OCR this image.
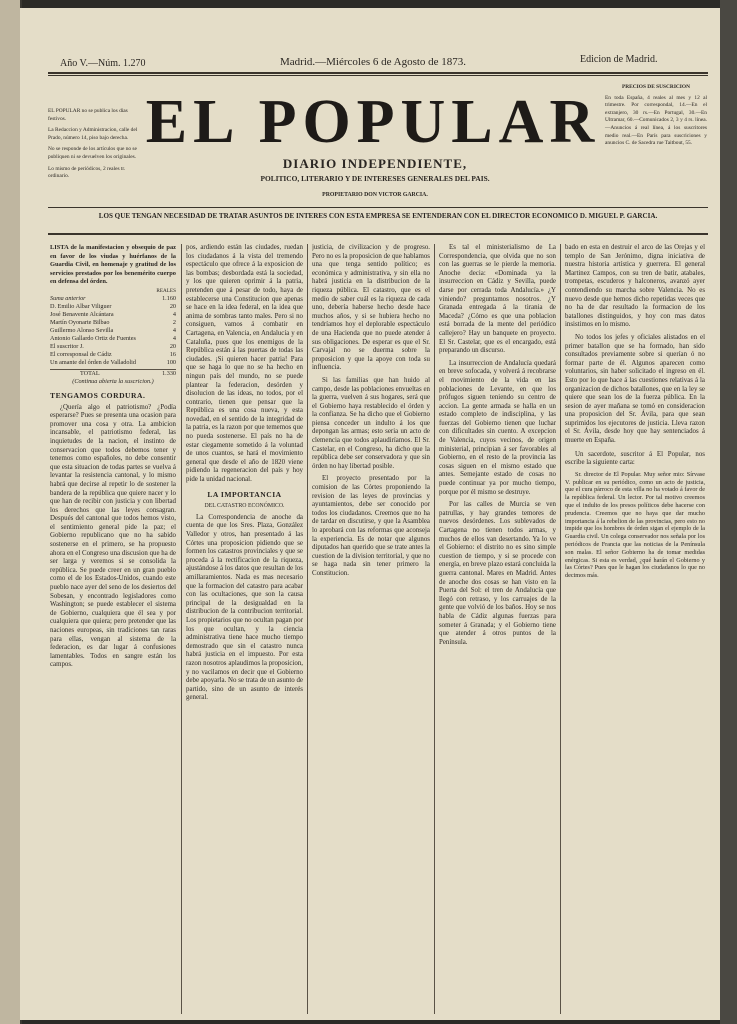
Año V.—Núm. 1.270	Madrid.—Miércoles 6 de Agosto de 1873.	Edicion de Madrid.
EL POPULAR no se publica los dias festivos.
La Redaccion y Administracion, calle del Prado, número 14, piso bajo derecha.
No se responde de los artículos que no se publiquen ni se devuelven los originales.
Lo mismo de periódicos, 2 reales tr. ordinario.
EL POPULAR
DIARIO INDEPENDIENTE,
POLITICO, LITERARIO Y DE INTERESES GENERALES DEL PAIS.
PROPIETARIO DON VICTOR GARCIA.
PRECIOS DE SUSCRICION
En toda España, 4 reales al mes y 12 al trimestre. Por correspondal, 14.—En el extranjero, 30 rs.—En Portugal, 30.—En Ultramar, 60.—Comunicados 2, 3 y 4 rs. línea.—Anuncios á real línea, á los suscritores medio real.—En París para suscriciones y anuncios C. de Sacedra rue Taitbout, 55.
LOS QUE TENGAN NECESIDAD DE TRATAR ASUNTOS DE INTERES CON ESTA EMPRESA SE ENTENDERAN CON EL DIRECTOR ECONOMICO D. MIGUEL P. GARCIA.

LISTA de la manifestacion y obsequio de paz en favor de los viudas y huérfanos de la Guardia Civil, en homenaje y gratitud de los servicios prestados por los benemérito cuerpo en defensa del órden.

REALES
Suma anterior	1.160
D. Emilio Albar Viliguer	20
José Benavente Alcántara	4
Martín Oyonarte Bilbao	2
Guillermo Alonso Sevilla	4
Antonio Gallardo Ortiz de Fuentes	4
El suscritor J.	20
El corresponsal de Cádiz	16
Un amante del órden de Valladolid	100
TOTAL	1.330
(Continua abierta la suscricion.)
TENGAMOS CORDURA.

¿Quería algo el patriotismo? ¿Podía esperarse? Pues se presenta una ocasion para promover una cosa y otra. La ambicion incansable, el patriotismo federal, las inquietudes de la nacion, el instinto de conservacion que todos debemos tener y tenemos como españoles, no debe consentir que esta situacion de todas partes se vuelva á levantar la resistencia cantonal, y lo mismo habrá que decirse al repetir lo de sostener la bandera de la república que quiere nacer y lo que han de recibir con justicia y con libertad los derechos que las leyes consagran. Después del cantonal que todos hemos visto, el sentimiento general pide la paz; el Gobierno republicano que no ha sabido sostenerse en el primero, se ha propuesto ahora en el Congreso una discusion que ha de ser larga y veremos si se consolida la república. Se puede creer en un gran pueblo como el de los Estados-Unidos, cuando este pueblo nace ayer del seno de los desiertos del Sobesan, y encontrado legisladores como Washington; se puede establecer el sistema de Gobierno, cualquiera que él sea y por cualquiera que quiera; pero pretender que las naciones europeas, sin tradiciones tan raras para ellas, vengan al sistema de la federacion, es dar lugar á confusiones lamentables. Todos en sangre están los campos.

pos, ardiendo están las ciudades, ruedan los ciudadanos á la vista del tremendo espectáculo que ofrece á la exposicion de las bombas; desbordada está la sociedad, y los que quieren oprimir á la patria, pretenden que á pesar de todo, haya de establecerse una Constitucion que apenas se hace en la idea federal, en la idea que anima de sombras tanto males. Pero si no consiguen, vamos á combatir en Cartagena, en Valencia, en Andalucía y en Cataluña, pues que los enemigos de la República están á las puertas de todas las ciudades. ¡Si quieren hacer patria! Para que se haga lo que no se ha hecho en ningun país del mundo, no se puede plantear la federacion, desórden y disolucion de las ideas, no todos, por el contrario, tienen que pensar que la República es una cosa nueva, y esta novedad, en el sentido de la integridad de la patria, es la razon por que tememos que no pueda sostenerse. El país no ha de estar ciegamente sometido á la voluntad de unos cuantos, se hará el movimiento general que desde el año de 1820 viene pidiendo la regeneracion del país y hoy pide la unidad nacional.

LA IMPORTANCIA
DEL CATASTRO ECONÓMICO.

La Correspondencia de anoche da cuenta de que los Sres. Plaza, González Valledor y otros, han presentado á las Córtes una proposicion pidiendo que se formen los catastros provinciales y que se proceda á la rectificacion de la riqueza, ajustándose á los datos que resultan de los amillaramientos. Nada es mas necesario que la formacion del catastro para acabar con las ocultaciones, que son la causa principal de la desigualdad en la distribucion de la contribucion territorial. Los propietarios que no ocultan pagan por los que ocultan, y la ciencia administrativa tiene hace mucho tiempo demostrado que sin el catastro nunca habrá justicia en el impuesto. Por esta razon nosotros aplaudimos la proposicion, y no vacilamos en decir que el Gobierno debe apoyarla. No se trata de un asunto de partido, sino de un asunto de interés general.

justicia, de civilizacion y de progreso. Pero no es la proposicion de que hablamos una que tenga sentido político; es económica y administrativa, y sin ella no habrá justicia en la distribucion de la riqueza pública. El catastro, que es el medio de saber cuál es la riqueza de cada uno, debería haberse hecho desde hace muchos años, y si se hubiera hecho no tendríamos hoy el deplorable espectáculo de una Hacienda que no puede atender á sus obligaciones. De esperar es que el Sr. Carvajal no se duerma sobre la proposicion y que la apoye con toda su influencia.

Si las familias que han huido al campo, desde las poblaciones envueltas en la guerra, vuelven á sus hogares, será que el Gobierno haya restablecido el órden y la confianza. Se ha dicho que el Gobierno piensa conceder un indulto á los que depongan las armas; esto seria un acto de clemencia que todos aplaudiríamos. El Sr. Castelar, en el Congreso, ha dicho que la república debe ser conservadora y que sin órden no hay libertad posible.

El proyecto presentado por la comision de las Córtes proponiendo la revision de las leyes de provincias y ayuntamientos, debe ser conocido por todos los ciudadanos. Creemos que no ha de tardar en discutirse, y que la Asamblea lo aprobará con las reformas que aconseja la experiencia. Es de notar que algunos diputados han querido que se trate antes la cuestion de la division territorial, y que no se haga nada sin tener primero la Constitucion.

Es tal el ministerialismo de La Correspondencia, que olvida que no son con las guerras se le pierde la memoria. Anoche decia: «Dominada ya la insurreccion en Cádiz y Sevilla, puede darse por cerrada toda Andalucía.» ¿Y viniendo? preguntamos nosotros. ¿Y Granada entregada á la tirania de Maceda? ¿Cómo es que una poblacion está borrada de la mente del periódico callejero? Hay un banquete en proyecto. El Sr. Castelar, que es el encargado, está preparando un discurso.

La insurreccion de Andalucía quedará en breve sofocada, y volverá á recobrarse el movimiento de la vida en las poblaciones de Levante, en que los prófugos siguen teniendo su centro de accion. La gente armada se halla en un estado completo de indisciplina, y las fuerzas del Gobierno tienen que luchar con dificultades sin cuento. A excepcion de Valencia, cuyos vecinos, de origen ministerial, principian á ser favorables al Gobierno, en el resto de la provincia las cosas siguen en el mismo estado que antes. Semejante estado de cosas no puede continuar ya por mucho tiempo, porque por él mismo se destruye.

Por las calles de Murcia se ven patrullas, y hay grandes temores de nuevos desórdenes. Los sublevados de Cartagena no tienen todos armas, y muchos de ellos van desertando. Ya lo ve el Gobierno: el distrito no es sino simple cuestion de tiempo, y si se procede con energía, en breve plazo estará concluida la guerra cantonal. Mares en Madrid. Antes de anoche dos cosas se han visto en la Puerta del Sol: el tren de Andalucía que llegó con retraso, y los carruajes de la gente que volvió de los baños. Hoy se nos habla de Cádiz algunas fuerzas para someter á Granada; y el Gobierno tiene que atender á otros puntos de la Península.

bado en esta en destruir el arco de las Orejas y el templo de San Jerónimo, digna iniciativa de nuestra historia artística y guerrera. El general Martinez Campos, con su tren de batir, atabales, trompetas, escuderos y halconeros, avanzó ayer contendiendo su marcha sobre Valencia. No es nuevo desde que hemos dicho repetidas veces que no ha de dar resultado la formacion de los batallones distinguidos, y hoy con mas datos insistimos en lo mismo.

No todos los jefes y oficiales alistados en el primer batallon que se ha formado, han sido consultados previamente sobre si querían ó no formar parte de él. Algunos aparecen como voluntarios, sin haber solicitado el ingreso en él. Esto por lo que hace á las cuestiones relativas á la organizacion de dichos batallones, que en la ley se quiere que sean los de la fuerza pública. En la sesion de ayer mañana se tomó en consideracion una proposicion del Sr. Ávila, para que sean suprimidos los ejecutores de justicia. Lleva razon el Sr. Ávila, desde hoy que hay sentenciados á muerte en España.

Un sacerdote, suscritor á El Popular, nos escribe la siguiente carta:

Sr. director de El Popular. Muy señor mio: Sírvase V. publicar en su periódico, como un acto de justicia, que el cura párroco de esta villa no ha votado á favor de la república federal. Un lector. Por tal motivo creemos que el indulto de los presos políticos debe hacerse con prudencia. Creemos que no haya que dar mucho importancia á la rebelion de las provincias, pero esto no impide que los hombres de órden sigan el ejemplo de la Guardia civil. Un colega conservador nos señala por los periódicos de Francia que las noticias de la Península son malas. El señor Gobierno ha de tomar medidas enérgicas. Si esta es verdad, ¿qué harán el Gobierno y las Córtes? Pues que le hagan los ciudadanos lo que no decimos más.
